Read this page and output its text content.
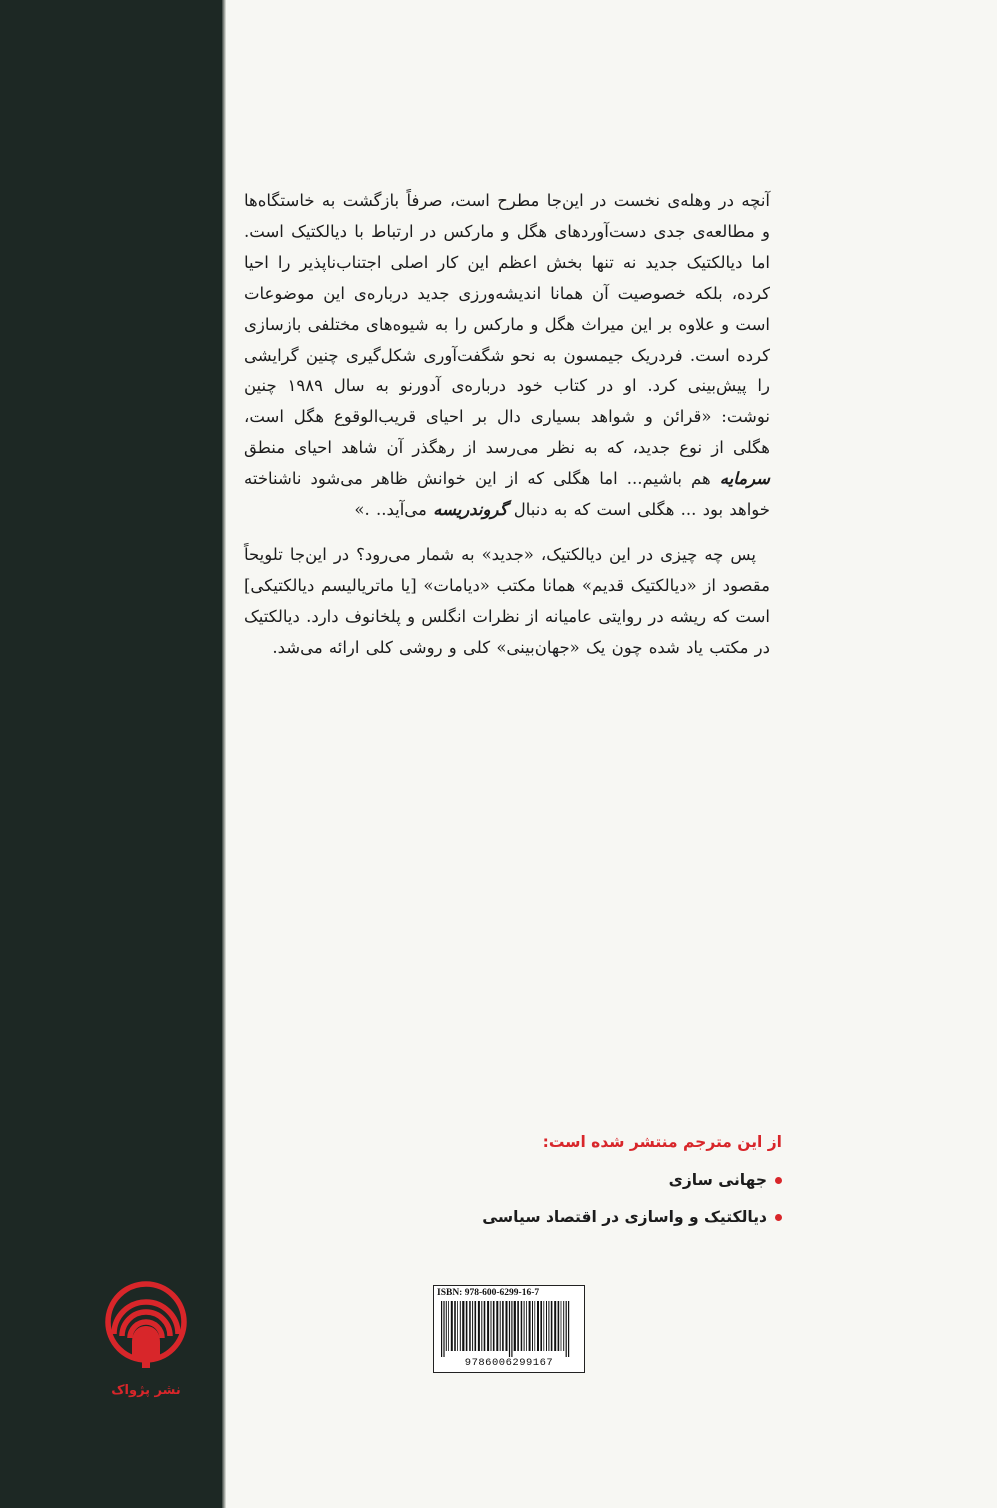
آنچه در وهله‌ی نخست در این‌جا مطرح است، صرفاً بازگشت به خاستگاه‌ها و مطالعه‌ی جدی دست‌آوردهای هگل و مارکس در ارتباط با دیالکتیک است. اما دیالکتیک جدید نه تنها بخش اعظم این کار اصلی اجتناب‌ناپذیر را احیا کرده، بلکه خصوصیت آن همانا اندیشه‌ورزی جدید درباره‌ی این موضوعات است و علاوه بر این میراث هگل و مارکس را به شیوه‌های مختلفی بازسازی کرده است. فردریک جیمسون به نحو شگفت‌آوری شکل‌گیری چنین گرایشی را پیش‌بینی کرد. او در کتاب خود درباره‌ی آدورنو به سال ۱۹۸۹ چنین نوشت: «قرائن و شواهد بسیاری دال بر احیای قریب‌الوقوع هگل است، هگلی از نوع جدید، که به نظر می‌رسد از رهگذر آن شاهد احیای منطق سرمایه هم باشیم... اما هگلی که از این خوانش ظاهر می‌شود ناشناخته خواهد بود ... هگلی است که به دنبال گروندریسه می‌آید.. .»

پس چه چیزی در این دیالکتیک، «جدید» به شمار می‌رود؟ در این‌جا تلویحاً مقصود از «دیالکتیک قدیم» همانا مکتب «دیامات» [یا ماتریالیسم دیالکتیکی] است که ریشه در روایتی عامیانه از نظرات انگلس و پلخانوف دارد. دیالکتیک در مکتب یاد شده چون یک «جهان‌بینی» کلی و روشی کلی ارائه می‌شد.

از این مترجم منتشر شده است:
جهانی سازی
دیالکتیک و واسازی در اقتصاد سیاسی
نشر پژواک
ISBN: 978-600-6299-16-7
9786006299167
